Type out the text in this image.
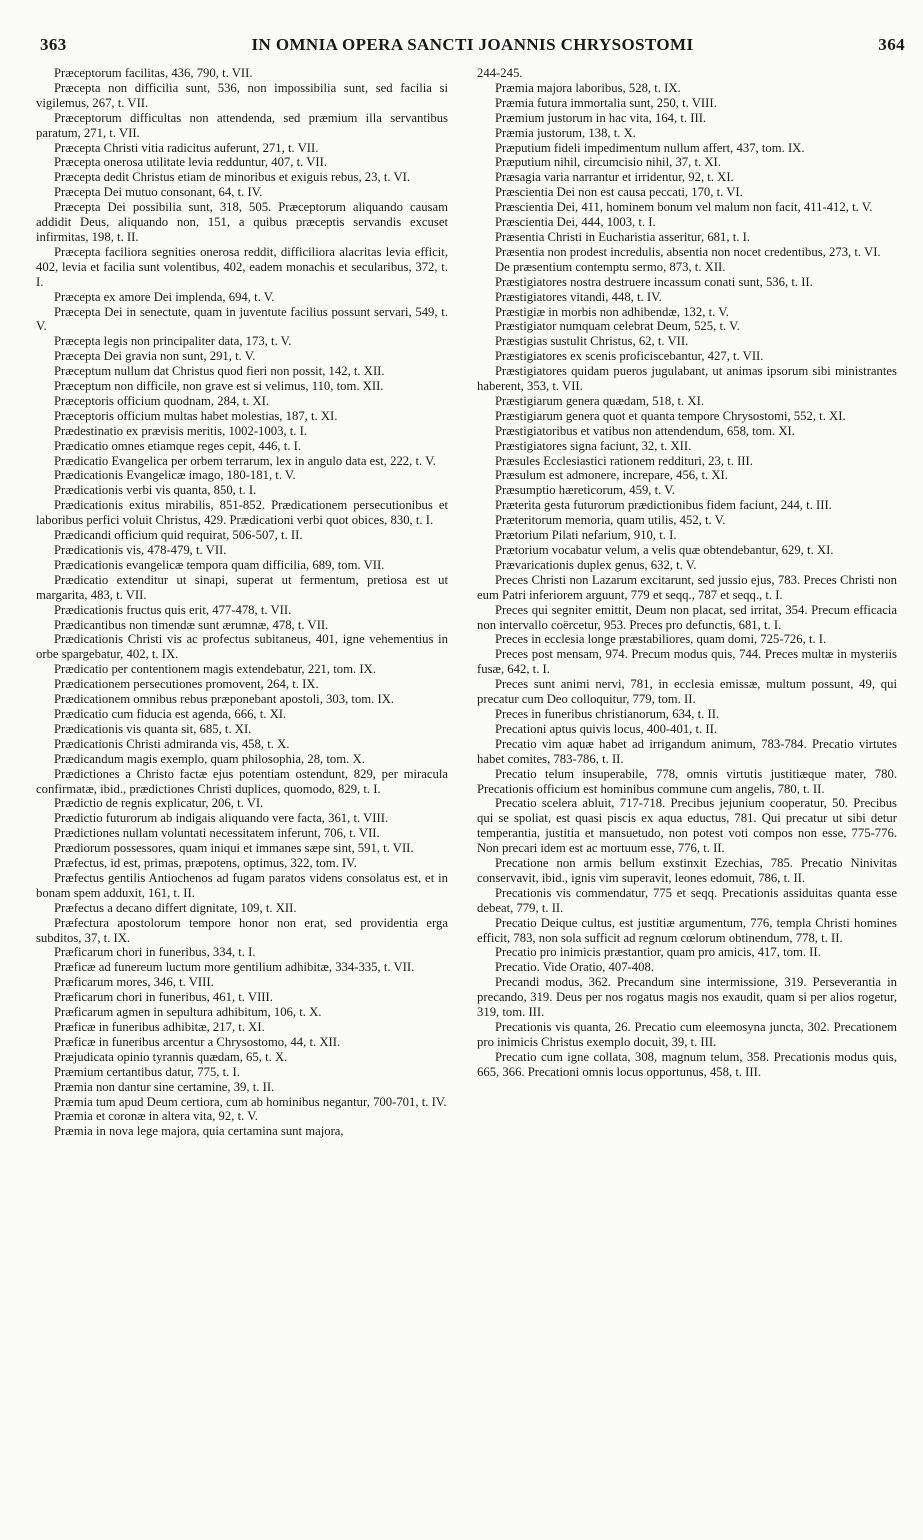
363	IN OMNIA OPERA SANCTI JOANNIS CHRYSOSTOMI	364

Præceptorum facilitas, 436, 790, t. VII.

Præcepta non difficilia sunt, 536, non impossibilia sunt, sed facilia si vigilemus, 267, t. VII.

Præceptorum difficultas non attendenda, sed præmium illa servantibus paratum, 271, t. VII.

Præcepta Christi vitia radicitus auferunt, 271, t. VII.

Præcepta onerosa utilitate levia redduntur, 407, t. VII.

Præcepta dedit Christus etiam de minoribus et exiguis rebus, 23, t. VI.

Præcepta Dei mutuo consonant, 64, t. IV.

Præcepta Dei possibilia sunt, 318, 505. Præceptorum aliquando causam addidit Deus, aliquando non, 151, a quibus præceptis servandis excuset infirmitas, 198, t. II.

Præcepta faciliora segnities onerosa reddit, difficiliora alacritas levia efficit, 402, levia et facilia sunt volentibus, 402, eadem monachis et secularibus, 372, t. I.

Præcepta ex amore Dei implenda, 694, t. V.

Præcepta Dei in senectute, quam in juventute facilius possunt servari, 549, t. V.

Præcepta legis non principaliter data, 173, t. V.

Præcepta Dei gravia non sunt, 291, t. V.

Præceptum nullum dat Christus quod fieri non possit, 142, t. XII.

Præceptum non difficile, non grave est si velimus, 110, tom. XII.

Præceptoris officium quodnam, 284, t. XI.

Præceptoris officium multas habet molestias, 187, t. XI.

Prædestinatio ex prævisis meritis, 1002-1003, t. I.

Prædicatio omnes etiamque reges cepit, 446, t. I.

Prædicatio Evangelica per orbem terrarum, lex in angulo data est, 222, t. V.

Prædicationis Evangelicæ imago, 180-181, t. V.

Prædicationis verbi vis quanta, 850, t. I.

Prædicationis exitus mirabilis, 851-852. Prædicationem persecutionibus et laboribus perfici voluit Christus, 429. Prædicationi verbi quot obices, 830, t. I.

Prædicandi officium quid requirat, 506-507, t. II.

Prædicationis vis, 478-479, t. VII.

Prædicationis evangelicæ tempora quam difficilia, 689, tom. VII.

Prædicatio extenditur ut sinapi, superat ut fermentum, pretiosa est ut margarita, 483, t. VII.

Prædicationis fructus quis erit, 477-478, t. VII.

Prædicantibus non timendæ sunt ærumnæ, 478, t. VII.

Prædicationis Christi vis ac profectus subitaneus, 401, igne vehementius in orbe spargebatur, 402, t. IX.

Prædicatio per contentionem magis extendebatur, 221, tom. IX.

Prædicationem persecutiones promovent, 264, t. IX.

Prædicationem omnibus rebus præponebant apostoli, 303, tom. IX.

Prædicatio cum fiducia est agenda, 666, t. XI.

Prædicationis vis quanta sit, 685, t. XI.

Prædicationis Christi admiranda vis, 458, t. X.

Prædicandum magis exemplo, quam philosophia, 28, tom. X.

Prædictiones a Christo factæ ejus potentiam ostendunt, 829, per miracula confirmatæ, ibid., prædictiones Christi duplices, quomodo, 829, t. I.

Prædictio de regnis explicatur, 206, t. VI.

Prædictio futurorum ab indigais aliquando vere facta, 361, t. VIII.

Prædictiones nullam voluntati necessitatem inferunt, 706, t. VII.

Prædiorum possessores, quam iniqui et immanes sæpe sint, 591, t. VII.

Præfectus, id est, primas, præpotens, optimus, 322, tom. IV.

Præfectus gentilis Antiochenos ad fugam paratos videns consolatus est, et in bonam spem adduxit, 161, t. II.

Præfectus a decano differt dignitate, 109, t. XII.

Præfectura apostolorum tempore honor non erat, sed providentia erga subditos, 37, t. IX.

Præficarum chori in funeribus, 334, t. I.

Præficæ ad funereum luctum more gentilium adhibitæ, 334-335, t. VII.

Præficarum mores, 346, t. VIII.

Præficarum chori in funeribus, 461, t. VIII.

Præficarum agmen in sepultura adhibitum, 106, t. X.

Præficæ in funeribus adhibitæ, 217, t. XI.

Præficæ in funeribus arcentur a Chrysostomo, 44, t. XII.

Præjudicata opinio tyrannis quædam, 65, t. X.

Præmium certantibus datur, 775, t. I.

Præmia non dantur sine certamine, 39, t. II.

Præmia tum apud Deum certiora, cum ab hominibus negantur, 700-701, t. IV.

Præmia et coronæ in altera vita, 92, t. V.

Præmia in nova lege majora, quia certamina sunt majora,

244-245.

Præmia majora laboribus, 528, t. IX.

Præmia futura immortalia sunt, 250, t. VIII.

Præmium justorum in hac vita, 164, t. III.

Præmia justorum, 138, t. X.

Præputium fideli impedimentum nullum affert, 437, tom. IX.

Præputium nihil, circumcisio nihil, 37, t. XI.

Præsagia varia narrantur et irridentur, 92, t. XI.

Præscientia Dei non est causa peccati, 170, t. VI.

Præscientia Dei, 411, hominem bonum vel malum non facit, 411-412, t. V.

Præscientia Dei, 444, 1003, t. I.

Præsentia Christi in Eucharistia asseritur, 681, t. I.

Præsentia non prodest incredulis, absentia non nocet credentibus, 273, t. VI.

De præsentium contemptu sermo, 873, t. XII.

Præstigiatores nostra destruere incassum conati sunt, 536, t. II.

Præstigiatores vitandi, 448, t. IV.

Præstigiæ in morbis non adhibendæ, 132, t. V.

Præstigiator numquam celebrat Deum, 525, t. V.

Præstigias sustulit Christus, 62, t. VII.

Præstigiatores ex scenis proficiscebantur, 427, t. VII.

Præstigiatores quidam pueros jugulabant, ut animas ipsorum sibi ministrantes haberent, 353, t. VII.

Præstigiarum genera quædam, 518, t. XI.

Præstigiarum genera quot et quanta tempore Chrysostomi, 552, t. XI.

Præstigiatoribus et vatibus non attendendum, 658, tom. XI.

Præstigiatores signa faciunt, 32, t. XII.

Præsules Ecclesiastici rationem reddituri, 23, t. III.

Præsulum est admonere, increpare, 456, t. XI.

Præsumptio hæreticorum, 459, t. V.

Præterita gesta futurorum prædictionibus fidem faciunt, 244, t. III.

Præteritorum memoria, quam utilis, 452, t. V.

Prætorium Pilati nefarium, 910, t. I.

Prætorium vocabatur velum, a velis quæ obtendebantur, 629, t. XI.

Prævaricationis duplex genus, 632, t. V.

Preces Christi non Lazarum excitarunt, sed jussio ejus, 783. Preces Christi non eum Patri inferiorem arguunt, 779 et seqq., 787 et seqq., t. I.

Preces qui segniter emittit, Deum non placat, sed irritat, 354. Precum efficacia non intervallo coërcetur, 953. Preces pro defunctis, 681, t. I.

Preces in ecclesia longe præstabiliores, quam domi, 725-726, t. I.

Preces post mensam, 974. Precum modus quis, 744. Preces multæ in mysteriis fusæ, 642, t. I.

Preces sunt animi nervi, 781, in ecclesia emissæ, multum possunt, 49, qui precatur cum Deo colloquitur, 779, tom. II.

Preces in funeribus christianorum, 634, t. II.

Precationi aptus quivis locus, 400-401, t. II.

Precatio vim aquæ habet ad irrigandum animum, 783-784. Precatio virtutes habet comites, 783-786, t. II.

Precatio telum insuperabile, 778, omnis virtutis justitiæque mater, 780. Precationis officium est hominibus commune cum angelis, 780, t. II.

Precatio scelera abluit, 717-718. Precibus jejunium cooperatur, 50. Precibus qui se spoliat, est quasi piscis ex aqua eductus, 781. Qui precatur ut sibi detur temperantia, justitia et mansuetudo, non potest voti compos non esse, 775-776. Non precari idem est ac mortuum esse, 776, t. II.

Precatione non armis bellum exstinxit Ezechias, 785. Precatio Ninivitas conservavit, ibid., ignis vim superavit, leones edomuit, 786, t. II.

Precationis vis commendatur, 775 et seqq. Precationis assiduitas quanta esse debeat, 779, t. II.

Precatio Deique cultus, est justitiæ argumentum, 776, templa Christi homines efficit, 783, non sola sufficit ad regnum cœlorum obtinendum, 778, t. II.

Precatio pro inimicis præstantior, quam pro amicis, 417, tom. II.

Precatio. Vide Oratio, 407-408.

Precandi modus, 362. Precandum sine intermissione, 319. Perseverantia in precando, 319. Deus per nos rogatus magis nos exaudit, quam si per alios rogetur, 319, tom. III.

Precationis vis quanta, 26. Precatio cum eleemosyna juncta, 302. Precationem pro inimicis Christus exemplo docuit, 39, t. III.

Precatio cum igne collata, 308, magnum telum, 358. Precationis modus quis, 665, 366. Precationi omnis locus opportunus, 458, t. III.
